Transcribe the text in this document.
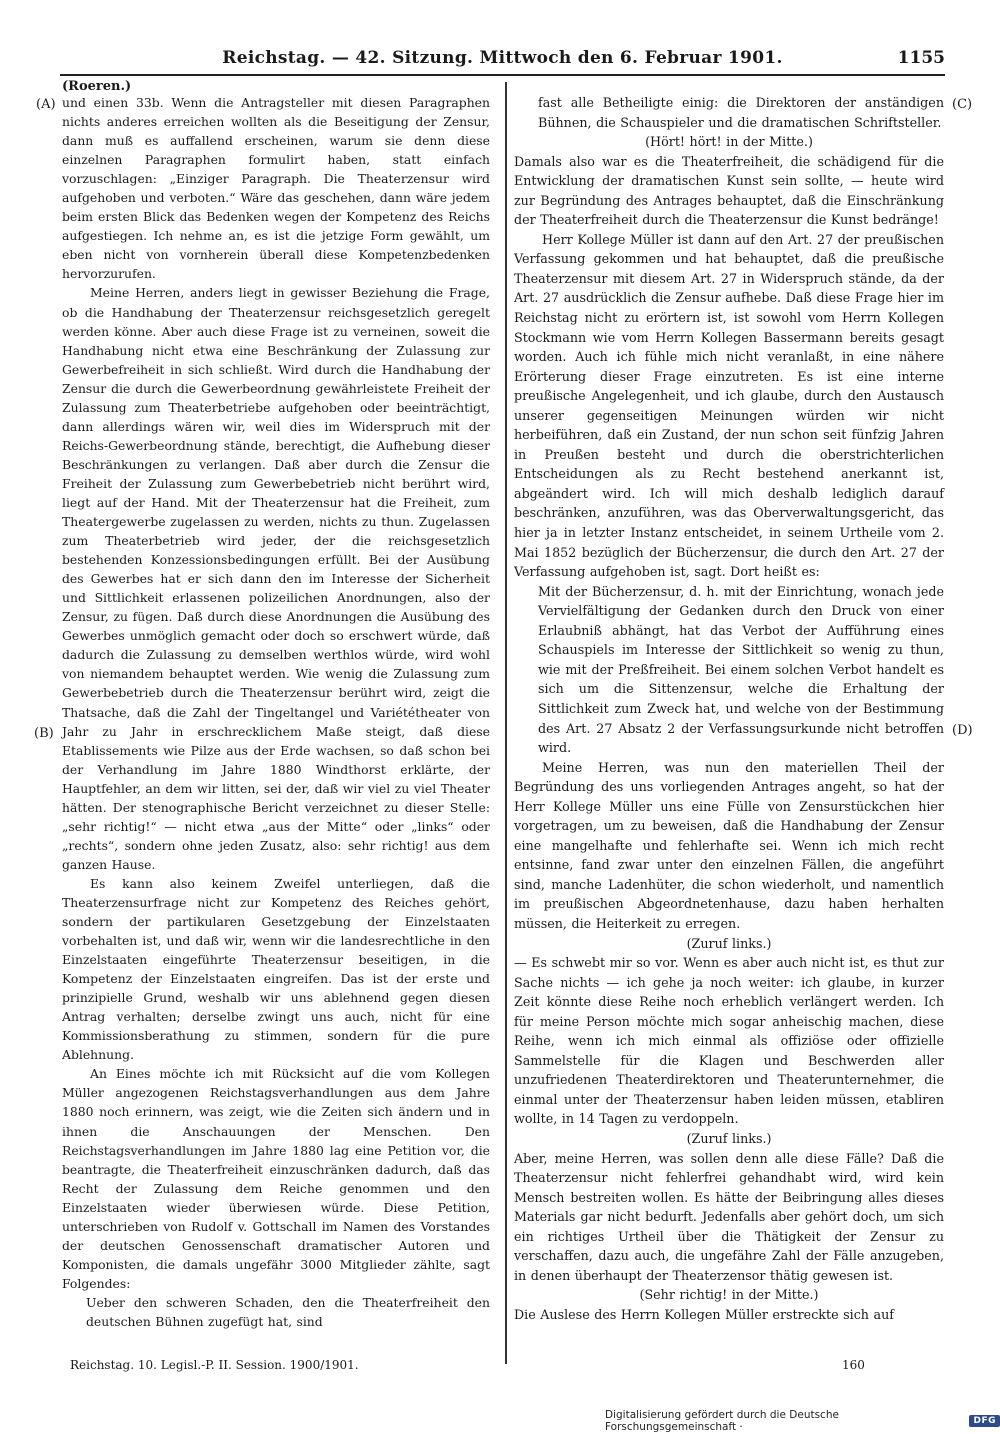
Reichstag. — 42. Sitzung. Mittwoch den 6. Februar 1901.	1155
(Roeren.)
(A)
(B)
(C)
(D)

und einen 33b. Wenn die Antragsteller mit diesen Paragraphen nichts anderes erreichen wollten als die Beseitigung der Zensur, dann muß es auffallend erscheinen, warum sie denn diese einzelnen Paragraphen formulirt haben, statt einfach vorzuschlagen: „Einziger Paragraph. Die Theaterzensur wird aufgehoben und verboten.“ Wäre das geschehen, dann wäre jedem beim ersten Blick das Bedenken wegen der Kompetenz des Reichs aufgestiegen. Ich nehme an, es ist die jetzige Form gewählt, um eben nicht von vornherein überall diese Kompetenzbedenken hervorzurufen.

Meine Herren, anders liegt in gewisser Beziehung die Frage, ob die Handhabung der Theaterzensur reichsgesetzlich geregelt werden könne. Aber auch diese Frage ist zu verneinen, soweit die Handhabung nicht etwa eine Beschränkung der Zulassung zur Gewerbefreiheit in sich schließt. Wird durch die Handhabung der Zensur die durch die Gewerbeordnung gewährleistete Freiheit der Zulassung zum Theaterbetriebe aufgehoben oder beeinträchtigt, dann allerdings wären wir, weil dies im Widerspruch mit der Reichs-Gewerbeordnung stände, berechtigt, die Aufhebung dieser Beschränkungen zu verlangen. Daß aber durch die Zensur die Freiheit der Zulassung zum Gewerbebetrieb nicht berührt wird, liegt auf der Hand. Mit der Theaterzensur hat die Freiheit, zum Theatergewerbe zugelassen zu werden, nichts zu thun. Zugelassen zum Theaterbetrieb wird jeder, der die reichsgesetzlich bestehenden Konzessionsbedingungen erfüllt. Bei der Ausübung des Gewerbes hat er sich dann den im Interesse der Sicherheit und Sittlichkeit erlassenen polizeilichen Anordnungen, also der Zensur, zu fügen. Daß durch diese Anordnungen die Ausübung des Gewerbes unmöglich gemacht oder doch so erschwert würde, daß dadurch die Zulassung zu demselben werthlos würde, wird wohl von niemandem behauptet werden. Wie wenig die Zulassung zum Gewerbebetrieb durch die Theaterzensur berührt wird, zeigt die Thatsache, daß die Zahl der Tingeltangel und Variététheater von Jahr zu Jahr in erschrecklichem Maße steigt, daß diese Etablissements wie Pilze aus der Erde wachsen, so daß schon bei der Verhandlung im Jahre 1880 Windthorst erklärte, der Hauptfehler, an dem wir litten, sei der, daß wir viel zu viel Theater hätten. Der stenographische Bericht verzeichnet zu dieser Stelle: „sehr richtig!“ — nicht etwa „aus der Mitte“ oder „links“ oder „rechts“, sondern ohne jeden Zusatz, also: sehr richtig! aus dem ganzen Hause.

Es kann also keinem Zweifel unterliegen, daß die Theaterzensurfrage nicht zur Kompetenz des Reiches gehört, sondern der partikularen Gesetzgebung der Einzelstaaten vorbehalten ist, und daß wir, wenn wir die landesrechtliche in den Einzelstaaten eingeführte Theaterzensur beseitigen, in die Kompetenz der Einzelstaaten eingreifen. Das ist der erste und prinzipielle Grund, weshalb wir uns ablehnend gegen diesen Antrag verhalten; derselbe zwingt uns auch, nicht für eine Kommissionsberathung zu stimmen, sondern für die pure Ablehnung.

An Eines möchte ich mit Rücksicht auf die vom Kollegen Müller angezogenen Reichstagsverhandlungen aus dem Jahre 1880 noch erinnern, was zeigt, wie die Zeiten sich ändern und in ihnen die Anschauungen der Menschen. Den Reichstagsverhandlungen im Jahre 1880 lag eine Petition vor, die beantragte, die Theaterfreiheit einzuschränken dadurch, daß das Recht der Zulassung dem Reiche genommen und den Einzelstaaten wieder überwiesen würde. Diese Petition, unterschrieben von Rudolf v. Gottschall im Namen des Vorstandes der deutschen Genossenschaft dramatischer Autoren und Komponisten, die damals ungefähr 3000 Mitglieder zählte, sagt Folgendes:

Ueber den schweren Schaden, den die Theaterfreiheit den deutschen Bühnen zugefügt hat, sind

fast alle Betheiligte einig: die Direktoren der anständigen Bühnen, die Schauspieler und die dramatischen Schriftsteller.

(Hört! hört! in der Mitte.)

Damals also war es die Theaterfreiheit, die schädigend für die Entwicklung der dramatischen Kunst sein sollte, — heute wird zur Begründung des Antrages behauptet, daß die Einschränkung der Theaterfreiheit durch die Theaterzensur die Kunst bedränge!

Herr Kollege Müller ist dann auf den Art. 27 der preußischen Verfassung gekommen und hat behauptet, daß die preußische Theaterzensur mit diesem Art. 27 in Widerspruch stände, da der Art. 27 ausdrücklich die Zensur aufhebe. Daß diese Frage hier im Reichstag nicht zu erörtern ist, ist sowohl vom Herrn Kollegen Stockmann wie vom Herrn Kollegen Bassermann bereits gesagt worden. Auch ich fühle mich nicht veranlaßt, in eine nähere Erörterung dieser Frage einzutreten. Es ist eine interne preußische Angelegenheit, und ich glaube, durch den Austausch unserer gegenseitigen Meinungen würden wir nicht herbeiführen, daß ein Zustand, der nun schon seit fünfzig Jahren in Preußen besteht und durch die oberstrichterlichen Entscheidungen als zu Recht bestehend anerkannt ist, abgeändert wird. Ich will mich deshalb lediglich darauf beschränken, anzuführen, was das Oberverwaltungsgericht, das hier ja in letzter Instanz entscheidet, in seinem Urtheile vom 2. Mai 1852 bezüglich der Bücherzensur, die durch den Art. 27 der Verfassung aufgehoben ist, sagt. Dort heißt es:

Mit der Bücherzensur, d. h. mit der Einrichtung, wonach jede Vervielfältigung der Gedanken durch den Druck von einer Erlaubniß abhängt, hat das Verbot der Aufführung eines Schauspiels im Interesse der Sittlichkeit so wenig zu thun, wie mit der Preßfreiheit. Bei einem solchen Verbot handelt es sich um die Sittenzensur, welche die Erhaltung der Sittlichkeit zum Zweck hat, und welche von der Bestimmung des Art. 27 Absatz 2 der Verfassungsurkunde nicht betroffen wird.

Meine Herren, was nun den materiellen Theil der Begründung des uns vorliegenden Antrages angeht, so hat der Herr Kollege Müller uns eine Fülle von Zensurstückchen hier vorgetragen, um zu beweisen, daß die Handhabung der Zensur eine mangelhafte und fehlerhafte sei. Wenn ich mich recht entsinne, fand zwar unter den einzelnen Fällen, die angeführt sind, manche Ladenhüter, die schon wiederholt, und namentlich im preußischen Abgeordnetenhause, dazu haben herhalten müssen, die Heiterkeit zu erregen.

(Zuruf links.)

— Es schwebt mir so vor. Wenn es aber auch nicht ist, es thut zur Sache nichts — ich gehe ja noch weiter: ich glaube, in kurzer Zeit könnte diese Reihe noch erheblich verlängert werden. Ich für meine Person möchte mich sogar anheischig machen, diese Reihe, wenn ich mich einmal als offiziöse oder offizielle Sammelstelle für die Klagen und Beschwerden aller unzufriedenen Theaterdirektoren und Theaterunternehmer, die einmal unter der Theaterzensur haben leiden müssen, etabliren wollte, in 14 Tagen zu verdoppeln.

(Zuruf links.)

Aber, meine Herren, was sollen denn alle diese Fälle? Daß die Theaterzensur nicht fehlerfrei gehandhabt wird, wird kein Mensch bestreiten wollen. Es hätte der Beibringung alles dieses Materials gar nicht bedurft. Jedenfalls aber gehört doch, um sich ein richtiges Urtheil über die Thätigkeit der Zensur zu verschaffen, dazu auch, die ungefähre Zahl der Fälle anzugeben, in denen überhaupt der Theaterzensor thätig gewesen ist.

(Sehr richtig! in der Mitte.)

Die Auslese des Herrn Kollegen Müller erstreckte sich auf

Reichstag. 10. Legisl.-P. II. Session. 1900/1901.	160
Digitalisierung gefördert durch die Deutsche Forschungsgemeinschaft ·	DFG
